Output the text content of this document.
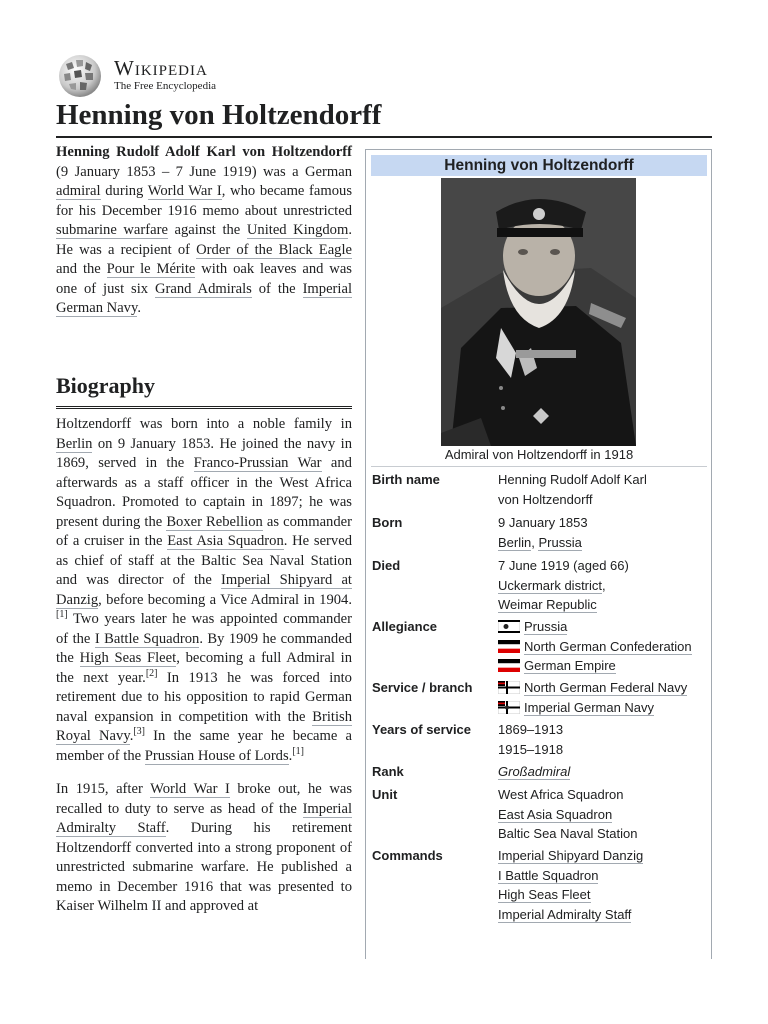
Wikipedia
The Free Encyclopedia
Henning von Holtzendorff

Henning Rudolf Adolf Karl von Holtzendorff (9 January 1853 – 7 June 1919) was a German admiral during World War I, who became famous for his December 1916 memo about unrestricted submarine warfare against the United Kingdom. He was a recipient of Order of the Black Eagle and the Pour le Mérite with oak leaves and was one of just six Grand Admirals of the Imperial German Navy.

Biography

Holtzendorff was born into a noble family in Berlin on 9 January 1853. He joined the navy in 1869, served in the Franco-Prussian War and afterwards as a staff officer in the West Africa Squadron. Promoted to captain in 1897; he was present during the Boxer Rebellion as commander of a cruiser in the East Asia Squadron. He served as chief of staff at the Baltic Sea Naval Station and was director of the Imperial Shipyard at Danzig, before becoming a Vice Admiral in 1904.[1] Two years later he was appointed commander of the I Battle Squadron. By 1909 he commanded the High Seas Fleet, becoming a full Admiral in the next year.[2] In 1913 he was forced into retirement due to his opposition to rapid German naval expansion in competition with the British Royal Navy.[3] In the same year he became a member of the Prussian House of Lords.[1]

In 1915, after World War I broke out, he was recalled to duty to serve as head of the Imperial Admiralty Staff. During his retirement Holtzendorff converted into a strong proponent of unrestricted submarine warfare. He published a memo in December 1916 that was presented to Kaiser Wilhelm II and approved at

Henning von Holtzendorff
Admiral von Holtzendorff in 1918
Birth name	Henning Rudolf Adolf Karl
von Holtzendorff
Born	9 January 1853
Berlin, Prussia
Died	7 June 1919 (aged 66)
Uckermark district,
Weimar Republic
Allegiance	Prussia
North German Confederation
German Empire
Service / branch	North German Federal Navy
Imperial German Navy
Years of service	1869–1913
1915–1918
Rank	Großadmiral
Unit	West Africa Squadron
East Asia Squadron
Baltic Sea Naval Station
Commands	Imperial Shipyard Danzig
I Battle Squadron
High Seas Fleet
Imperial Admiralty Staff
